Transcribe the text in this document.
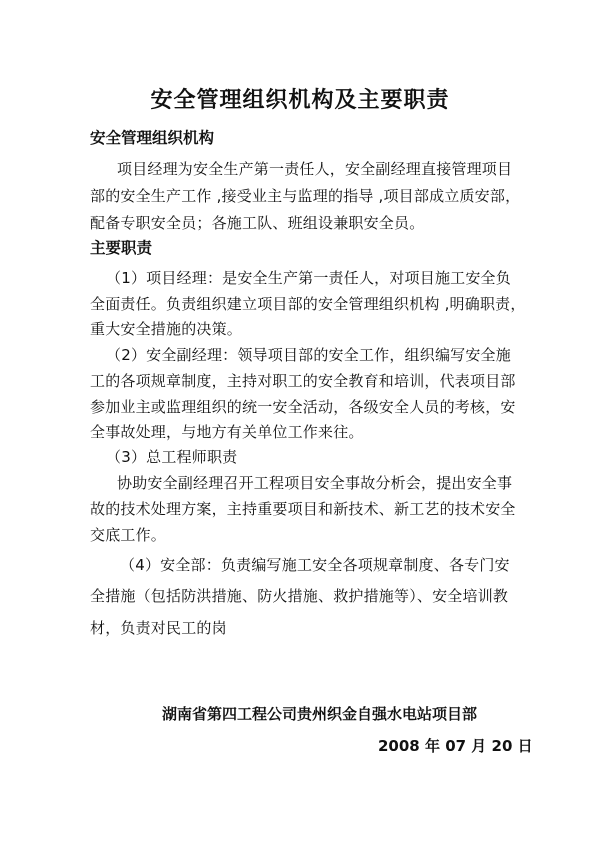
安全管理组织机构及主要职责
安全管理组织机构
项目经理为安全生产第一责任人，安全副经理直接管理项目
部的安全生产工作 ,接受业主与监理的指导 ,项目部成立质安部，
配备专职安全员；各施工队、班组设兼职安全员。
主要职责
（1）项目经理：是安全生产第一责任人，对项目施工安全负
全面责任。负责组织建立项目部的安全管理组织机构 ,明确职责，
重大安全措施的决策。
（2）安全副经理：领导项目部的安全工作，组织编写安全施
工的各项规章制度，主持对职工的安全教育和培训，代表项目部
参加业主或监理组织的统一安全活动，各级安全人员的考核，安
全事故处理，与地方有关单位工作来往。
（3）总工程师职责
协助安全副经理召开工程项目安全事故分析会，提出安全事
故的技术处理方案，主持重要项目和新技术、新工艺的技术安全
交底工作。
（4）安全部：负责编写施工安全各项规章制度、各专门安
全措施（包括防洪措施、防火措施、救护措施等）、安全培训教
材，负责对民工的岗
湖南省第四工程公司贵州织金自强水电站项目部
2008 年 07 月 20 日
